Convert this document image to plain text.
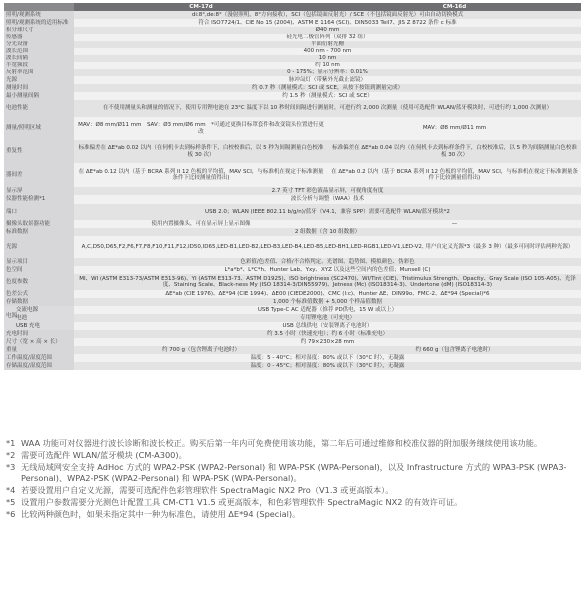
	CM-17d	CM-16d
照明/观测系统	di:8°,de:8°（漫射照明，8°方向接收），SCI（包括镜面反射光）/ SCE（不包括镜面反射光）可由自动切换模式	
照明/观测系统的适用标准	符合 ISO7724/1、CIE No 15 (2004)、ASTM E 1164 (SCI)、DIN5033 Teil7、JIS Z 8722 条件 c 标准	
积分球尺寸	Ø40 mm	
传感器	硅光电二极管阵列（双排 32 组）	
分光设备	平面衍射光栅	
波长范围	400 nm - 700 nm	
波长间隔	10 nm	
半宽频段	约 10 nm	
反射率范围	0 - 175%；显示分辨率：0.01%	
光源	脉冲氙灯（带紫外光截止滤镜）	
测量时间	约 0.7 秒（测量模式：SCI 或 SCE，从按下按钮到测量完成）	
最小测量间隔	约 1.5 秒（测量模式：SCI 或 SCE）	
电池性能	在不使用测量头和测量的情况下，使用专用锂电池在 23°C 温度下以 10 秒时间间隔进行测量时，可进行约 2,000 次测量（使用可选配件 WLAN/蓝牙模块时，可进行约 1,000 次测量）	
测量/照明区域	MAV：Ø8 mm/Ø11 mm　SAV：Ø3 mm/Ø6 mm　*可通过更换目标罩套件和改变镜头位置进行更改	MAV：Ø8 mm/Ø11 mm
重复性	标准偏差在 ΔE*ab 0.02 以内（在伺机卡去到标样条件下，白校校准后，以 5 秒为间隔测量白色校准板 30 次）	标准偏差在 ΔE*ab 0.04 以内（在伺机卡去到标样条件下，白校校准后，以 5 秒为间隔测量白色校准板 30 次）
器间差	在 ΔE*ab 0.12 以内（基于 BCRA 系列 II 12 色板的平均值，MAV SCI，与标准机在视定于标准测量条件下比较测量值得出)	在 ΔE*ab 0.2 以内（基于 BCRA 系列 II 12 色板的平均值，MAV SCI，与标准机在视定于标准测量条件下比较测量值得出)
显示屏	2.7 英寸 TFT 彩色液晶显示屏，可视角度有度	
仪器性能检测*1	波长分析与调整（WAA）技术	
端口	USB 2.0；WLAN (IEEE 802.11 b/g/n)/蓝牙（V4.1，兼容 SPP）需要可选配件 WLAN/蓝牙模块*2	
摄像头取景器功能	使用内置摄像头，可在显示屏上显示图像	—
标准数据	2 组数据（含 10 组数据）	
光源	A,C,D50,D65,F2,F6,F7,F8,F10,F11,F12,ID50,ID65,LED-B1,LED-B2,LED-B3,LED-B4,LED-B5,LED-BH1,LED-RGB1,LED-V1,LED-V2, 用户自定义光源*3（最多 3 种）（最多可同时评估两种光源）	
显示项目	色彩值/色差值、合格/不合格判定、光谱图、趋势图、模拟颜色、伪彩色	
色空间	L*a*b*、L*C*h、Hunter Lab、Yxy、XYZ 以及这些空间内的色差值；Munsell (C)	
色度参数	MI、WI (ASTM E313-73/ASTM E313-96)、YI (ASTM E313-73、ASTM D1925)、ISO brightness (SC2470)、WI/Tint (CIE)、Tristimulus Strength、Opacity、Gray Scale (ISO 105-A05)、光泽度、Staining Scale、Black-ness My (ISO 18314-3/DIN55979)、Jetness (Mc) (ISO18314-3)、Undertone (dM) (ISO18314-3)	
色差公式	ΔE*ab (CIE 1976)、ΔE*94 (CIE 1994)、ΔE00 (CIEDE2000)、CMC (l:c)、Hunter ΔE、DIN99o、FMC-2、ΔE*94 (Special)*6	
存储数据	1,000 个标准值数据 + 5,000 个样品值数据	

电源
交流电源	USB Type-C AC 适配器（推荐 PD供电，15 W 或以上）	
电池	专用锂电池（可充电）	
USB 充电	USB 总线供电（安装锂离子电池时）	
充电时间	约 3.5 小时（快速充电）；约 6 小时（标准充电）	
尺寸（宽 × 高 × 长）	约 79×230×28 mm	
重量	约 700 g（包含锂离子电池时）	约 660 g（包含锂离子电池时）
工作温度/湿度范围	温度：5 - 40°C；相对湿度：80% 或以下（30°C 时），无凝露	
存储温度/湿度范围	温度：0 - 45°C；相对湿度：80% 或以下（30°C 时），无凝露	
*1 WAA 功能可对仪器进行波长诊断和波长校正。购买后第一年内可免费使用该功能，第二年后可通过维修和校准仪器的附加服务继续使用该功能。
*2 需要可选配件 WLAN/蓝牙模块 (CM-A300)。
*3 无线局域网安全支持 AdHoc 方式的 WPA2-PSK (WPA2-Personal) 和 WPA-PSK (WPA-Personal)，以及 Infrastructure 方式的 WPA3-PSK (WPA3-Personal)、WPA2-PSK (WPA2-Personal) 和 WPA-PSK (WPA-Personal)。
*4 若要设置用户自定义光源，需要可选配件色彩管理软件 SpectraMagic NX2 Pro（V1.3 或更高版本）。
*5 设置用户参数需要分光测色计配置工具 CM-CT1 V1.5 或更高版本，和色彩管理软件 SpectraMagic NX2 的有效许可证。
*6 比较两种颜色时，如果未指定其中一种为标准色，请使用 ΔE*94 (Special)。
